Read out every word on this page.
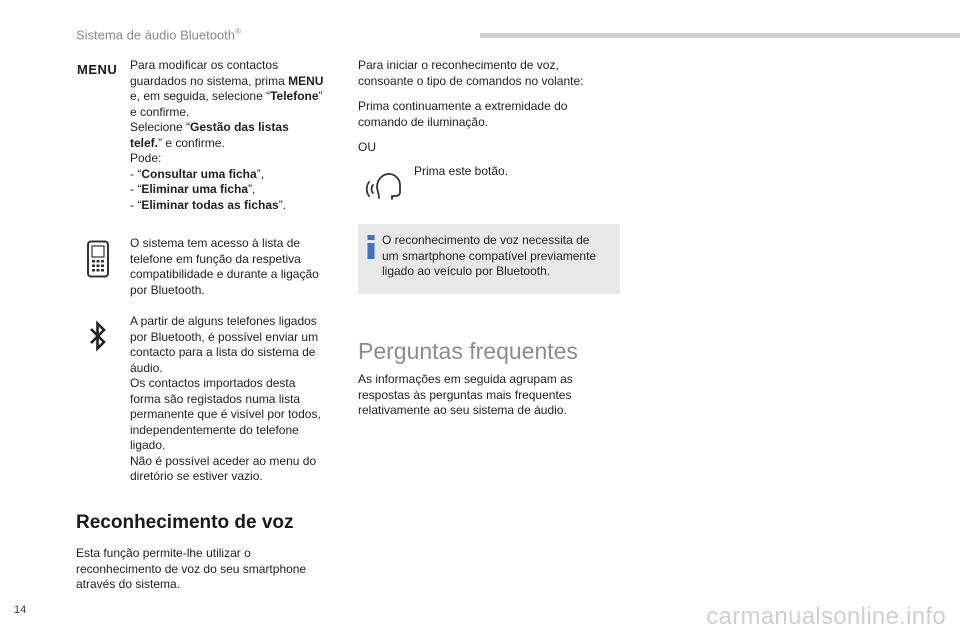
Sistema de áudio Bluetooth®
MENU Para modificar os contactos
guardados no sistema, prima MENU
e, em seguida, selecione “Telefone”
e confirme.
Selecione “Gestão das listas
telef.” e confirme.
Pode:
- “Consultar uma ficha”,
- “Eliminar uma ficha”,
- “Eliminar todas as fichas”.
O sistema tem acesso à lista de
telefone em função da respetiva
compatibilidade e durante a ligação
por Bluetooth.
A partir de alguns telefones ligados
por Bluetooth, é possível enviar um
contacto para a lista do sistema de
áudio.
Os contactos importados desta
forma são registados numa lista
permanente que é visível por todos,
independentemente do telefone
ligado.
Não é possível aceder ao menu do
diretório se estiver vazio.
Reconhecimento de voz
Esta função permite-lhe utilizar o
reconhecimento de voz do seu smartphone
através do sistema.
Para iniciar o reconhecimento de voz,
consoante o tipo de comandos no volante:
Prima continuamente a extremidade do
comando de iluminação.
OU
Prima este botão.
O reconhecimento de voz necessita de
um smartphone compatível previamente
ligado ao veículo por Bluetooth.
Perguntas frequentes
As informações em seguida agrupam as
respostas às perguntas mais frequentes
relativamente ao seu sistema de áudio.
14	carmanualsonline.info
